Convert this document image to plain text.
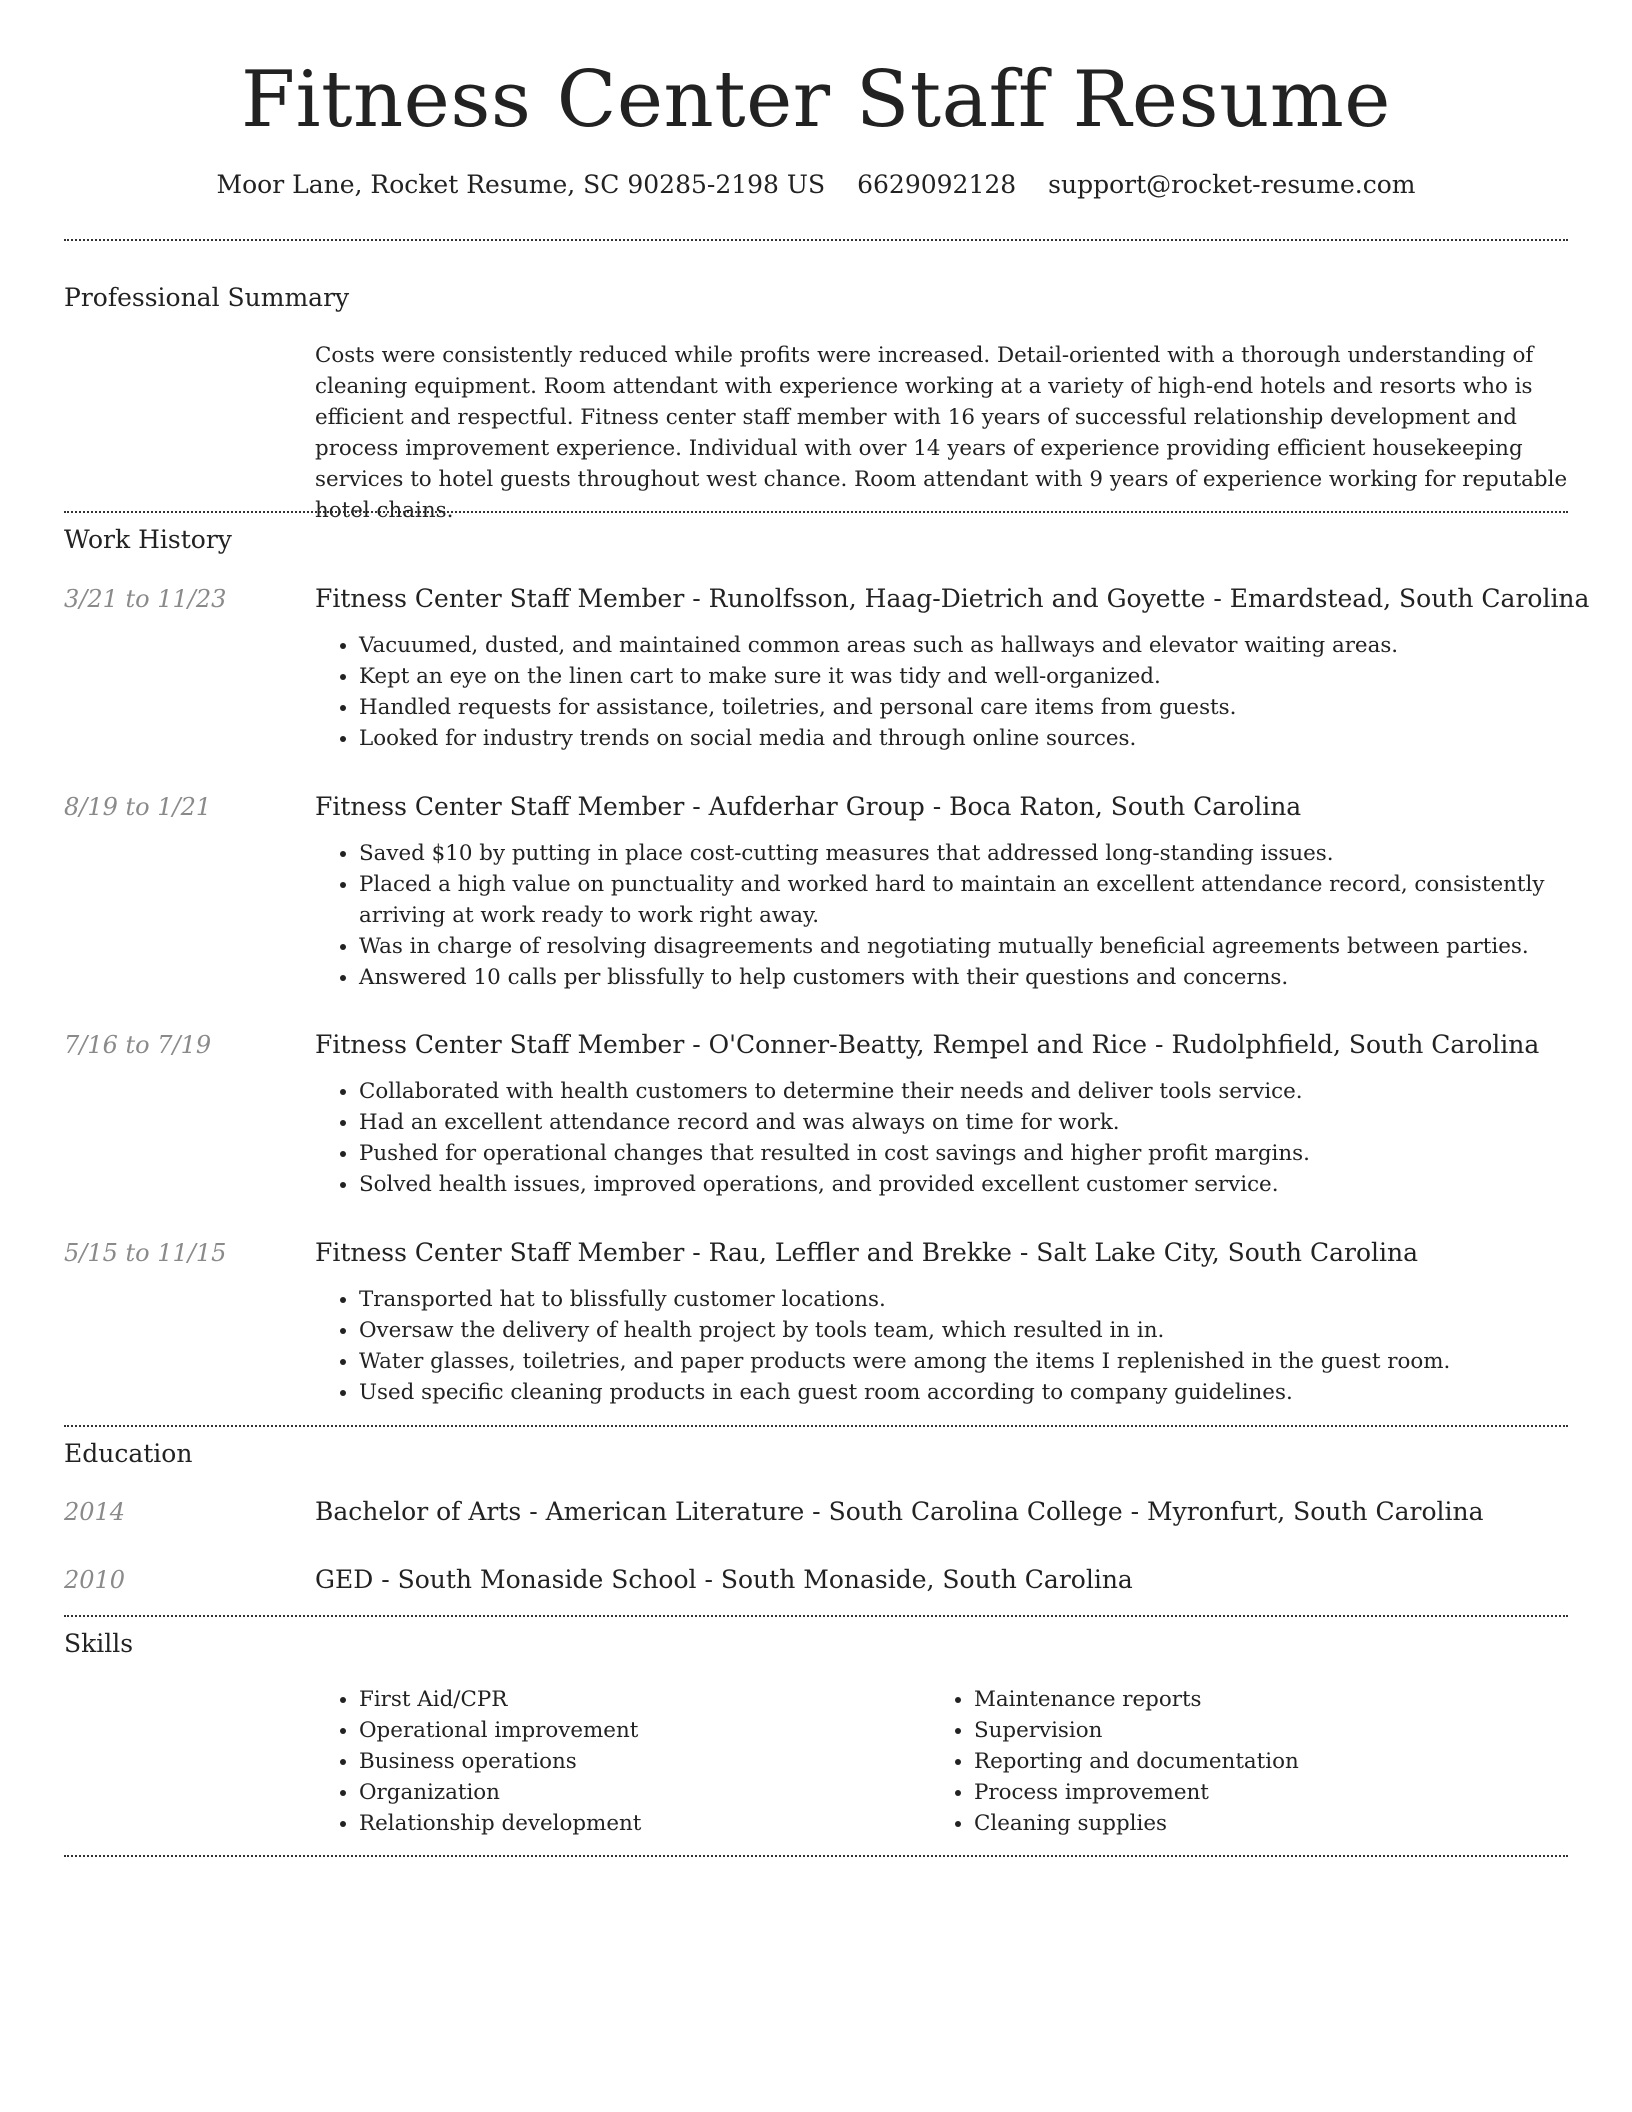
Fitness Center Staff Resume
Moor Lane, Rocket Resume, SC 90285-2198 US 6629092128 support@rocket-resume.com
Professional Summary
Costs were consistently reduced while profits were increased. Detail-oriented with a thorough understanding of cleaning equipment. Room attendant with experience working at a variety of high-end hotels and resorts who is efficient and respectful. Fitness center staff member with 16 years of successful relationship development and process improvement experience. Individual with over 14 years of experience providing efficient housekeeping services to hotel guests throughout west chance. Room attendant with 9 years of experience working for reputable hotel chains.
Work History
3/21 to 11/23	Fitness Center Staff Member - Runolfsson, Haag-Dietrich and Goyette - Emardstead, South Carolina
• Vacuumed, dusted, and maintained common areas such as hallways and elevator waiting areas.
• Kept an eye on the linen cart to make sure it was tidy and well-organized.
• Handled requests for assistance, toiletries, and personal care items from guests.
• Looked for industry trends on social media and through online sources.
8/19 to 1/21	Fitness Center Staff Member - Aufderhar Group - Boca Raton, South Carolina
• Saved $10 by putting in place cost-cutting measures that addressed long-standing issues.
• Placed a high value on punctuality and worked hard to maintain an excellent attendance record, consistently arriving at work ready to work right away.
• Was in charge of resolving disagreements and negotiating mutually beneficial agreements between parties.
• Answered 10 calls per blissfully to help customers with their questions and concerns.
7/16 to 7/19	Fitness Center Staff Member - O'Conner-Beatty, Rempel and Rice - Rudolphfield, South Carolina
• Collaborated with health customers to determine their needs and deliver tools service.
• Had an excellent attendance record and was always on time for work.
• Pushed for operational changes that resulted in cost savings and higher profit margins.
• Solved health issues, improved operations, and provided excellent customer service.
5/15 to 11/15	Fitness Center Staff Member - Rau, Leffler and Brekke - Salt Lake City, South Carolina
• Transported hat to blissfully customer locations.
• Oversaw the delivery of health project by tools team, which resulted in in.
• Water glasses, toiletries, and paper products were among the items I replenished in the guest room.
• Used specific cleaning products in each guest room according to company guidelines.
Education
2014	Bachelor of Arts - American Literature - South Carolina College - Myronfurt, South Carolina
2010	GED - South Monaside School - South Monaside, South Carolina
Skills
• First Aid/CPR
• Operational improvement
• Business operations
• Organization
• Relationship development
• Maintenance reports
• Supervision
• Reporting and documentation
• Process improvement
• Cleaning supplies
